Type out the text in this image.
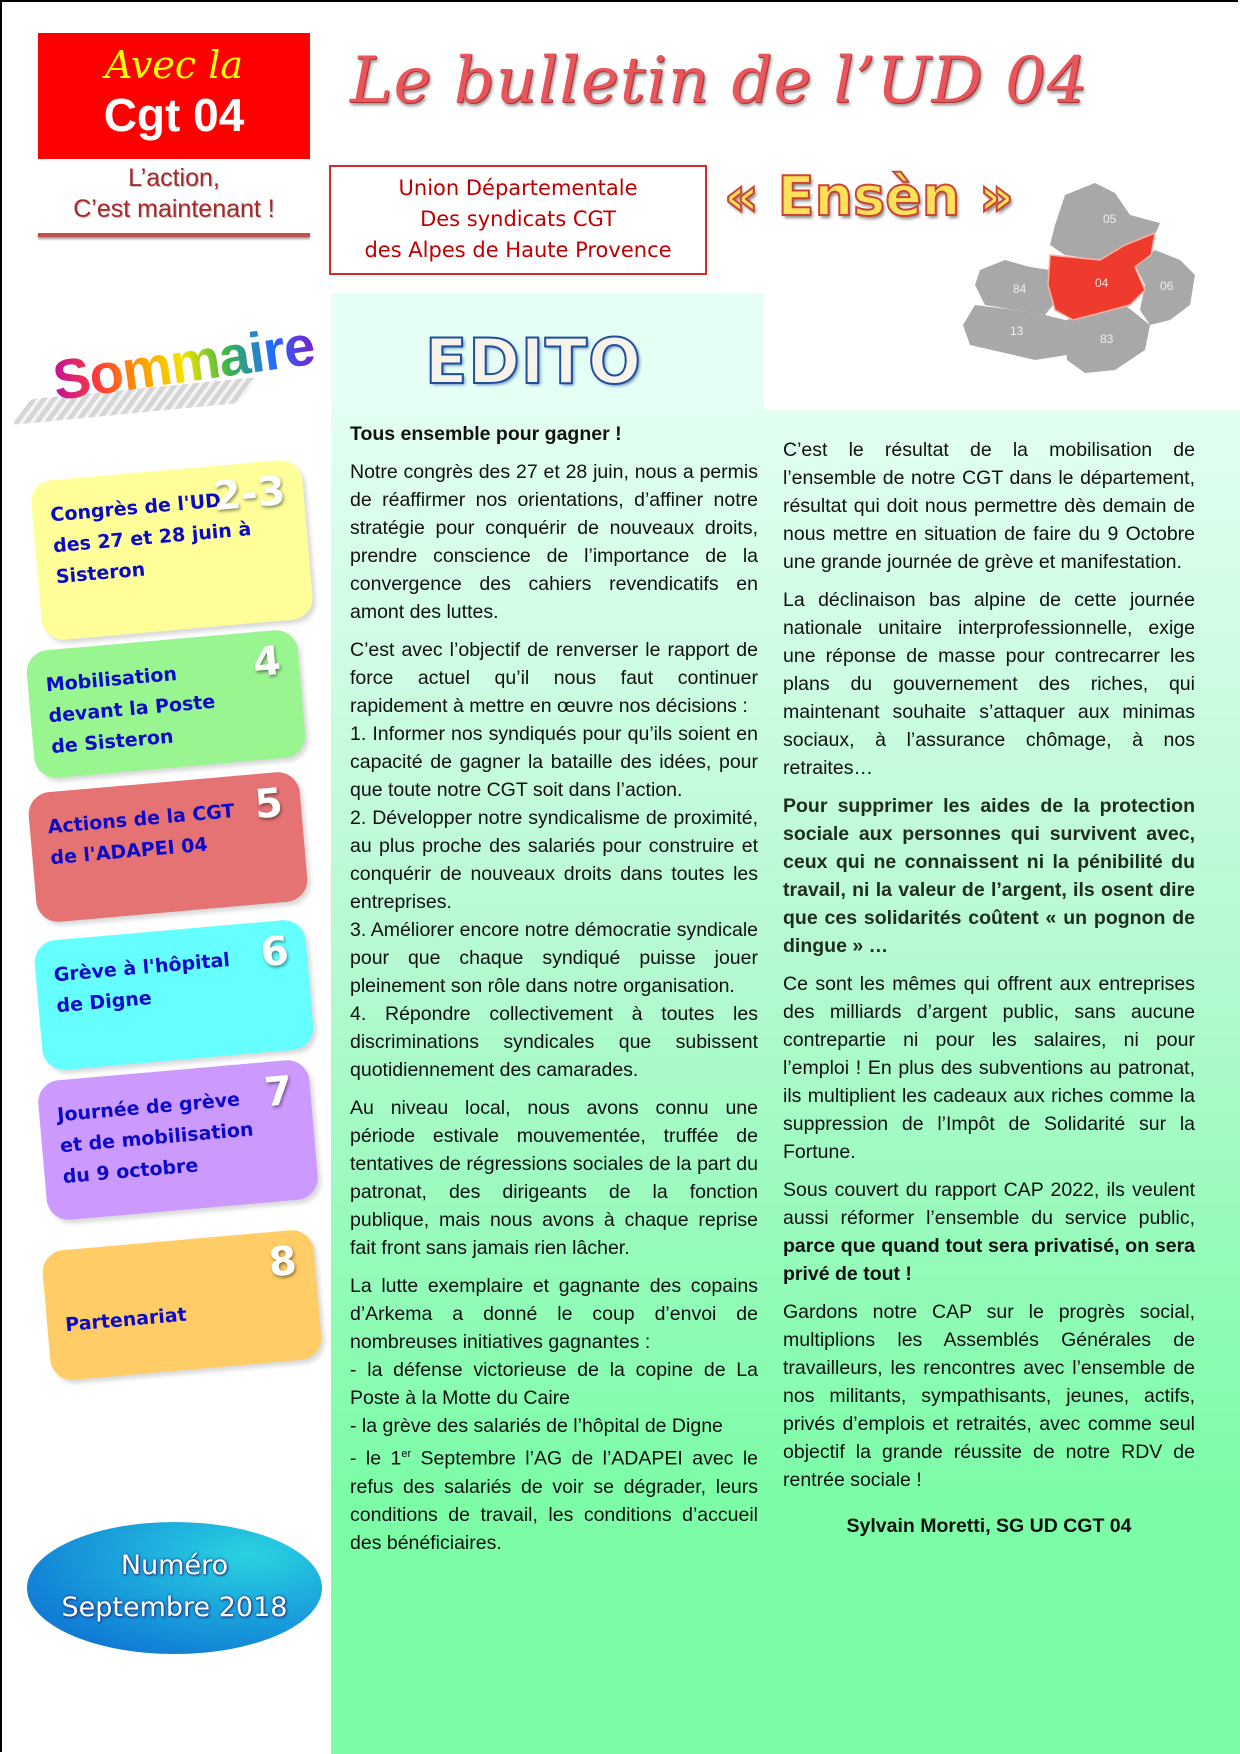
Avec la
Cgt 04
L’action,
C’est maintenant !
Le bulletin de l’UD 04
Union Départementale
Des syndicats CGT
des Alpes de Haute Provence
« Ensèn »	05
04
84	06
13
83
Sommaire
Congrès de l'UD des 27 et 28 juin à Sisteron
2-3
Mobilisation devant la Poste de Sisteron
4
Actions de la CGT de l'ADAPEI 04
5
Grève à l'hôpital de Digne
6
Journée de grève et de mobilisation du 9 octobre
7
Partenariat
8
Numéro
Septembre 2018
EDITO

Tous ensemble pour gagner !

Notre congrès des 27 et 28 juin, nous a permis de réaffirmer nos orientations, d’affiner notre stratégie pour conquérir de nouveaux droits, prendre conscience de l’importance de la convergence des cahiers revendicatifs en amont des luttes.

C’est avec l’objectif de renverser le rapport de force actuel qu’il nous faut continuer rapidement à mettre en œuvre nos décisions :
1. Informer nos syndiqués pour qu’ils soient en capacité de gagner la bataille des idées, pour que toute notre CGT soit dans l’action.
2. Développer notre syndicalisme de proximité, au plus proche des salariés pour construire et conquérir de nouveaux droits dans toutes les entreprises.
3. Améliorer encore notre démocratie syndicale pour que chaque syndiqué puisse jouer pleinement son rôle dans notre organisation.
4. Répondre collectivement à toutes les discriminations syndicales que subissent quotidiennement des camarades.

Au niveau local, nous avons connu une période estivale mouvementée, truffée de tentatives de régressions sociales de la part du patronat, des dirigeants de la fonction publique, mais nous avons à chaque reprise fait front sans jamais rien lâcher.

La lutte exemplaire et gagnante des copains d’Arkema a donné le coup d’envoi de nombreuses initiatives gagnantes :
- la défense victorieuse de la copine de La Poste à la Motte du Caire
- la grève des salariés de l’hôpital de Digne
- le 1er Septembre l’AG de l’ADAPEI avec le refus des salariés de voir se dégrader, leurs conditions de travail, les conditions d’accueil des bénéficiaires.

C’est le résultat de la mobilisation de l’ensemble de notre CGT dans le département, résultat qui doit nous permettre dès demain de nous mettre en situation de faire du 9 Octobre une grande journée de grève et manifestation.

La déclinaison bas alpine de cette journée nationale unitaire interprofessionnelle, exige une réponse de masse pour contrecarrer les plans du gouvernement des riches, qui maintenant souhaite s’attaquer aux minimas sociaux, à l’assurance chômage, à nos retraites…

Pour supprimer les aides de la protection sociale aux personnes qui survivent avec, ceux qui ne connaissent ni la pénibilité du travail, ni la valeur de l’argent, ils osent dire que ces solidarités coûtent « un pognon de dingue » …

Ce sont les mêmes qui offrent aux entreprises des milliards d’argent public, sans aucune contrepartie ni pour les salaires, ni pour l’emploi ! En plus des subventions au patronat, ils multiplient les cadeaux aux riches comme la suppression de l’Impôt de Solidarité sur la Fortune.

Sous couvert du rapport CAP 2022, ils veulent aussi réformer l’ensemble du service public, parce que quand tout sera privatisé, on sera privé de tout !

Gardons notre CAP sur le progrès social, multiplions les Assemblés Générales de travailleurs, les rencontres avec l’ensemble de nos militants, sympathisants, jeunes, actifs, privés d’emplois et retraités, avec comme seul objectif la grande réussite de notre RDV de rentrée sociale !

Sylvain Moretti, SG UD CGT 04
